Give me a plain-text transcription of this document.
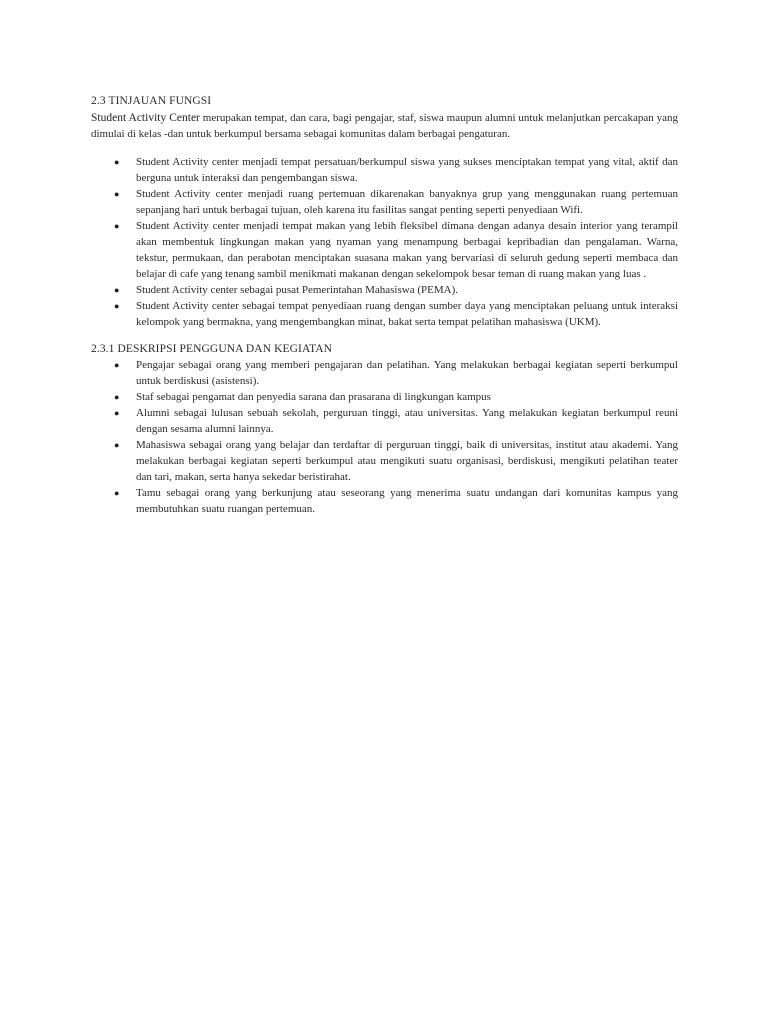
2.3 TINJAUAN FUNGSI

Student Activity Center merupakan tempat, dan cara, bagi pengajar, staf, siswa maupun alumni untuk melanjutkan percakapan yang dimulai di kelas -dan untuk berkumpul bersama sebagai komunitas dalam berbagai pengaturan.

● Student Activity center menjadi tempat persatuan/berkumpul siswa yang sukses menciptakan tempat yang vital, aktif dan berguna untuk interaksi dan pengembangan siswa.
● Student Activity center menjadi ruang pertemuan dikarenakan banyaknya grup yang menggunakan ruang pertemuan sepanjang hari untuk berbagai tujuan, oleh karena itu fasilitas sangat penting seperti penyediaan Wifi.
● Student Activity center menjadi tempat makan yang lebih fleksibel dimana dengan adanya desain interior yang terampil akan membentuk lingkungan makan yang nyaman yang menampung berbagai kepribadian dan pengalaman. Warna, tekstur, permukaan, dan perabotan menciptakan suasana makan yang bervariasi di seluruh gedung seperti membaca dan belajar di cafe yang tenang sambil menikmati makanan dengan sekelompok besar teman di ruang makan yang luas .
● Student Activity center sebagai pusat Pemerintahan Mahasiswa (PEMA).
● Student Activity center sebagai tempat penyediaan ruang dengan sumber daya yang menciptakan peluang untuk interaksi kelompok yang bermakna, yang mengembangkan minat, bakat serta tempat pelatihan mahasiswa (UKM).

2.3.1 DESKRIPSI PENGGUNA DAN KEGIATAN

● Pengajar sebagai orang yang memberi pengajaran dan pelatihan. Yang melakukan berbagai kegiatan seperti berkumpul untuk berdiskusi (asistensi).
● Staf sebagai pengamat dan penyedia sarana dan prasarana di lingkungan kampus
● Alumni sebagai lulusan sebuah sekolah, perguruan tinggi, atau universitas. Yang melakukan kegiatan berkumpul reuni dengan sesama alumni lainnya.
● Mahasiswa sebagai orang yang belajar dan terdaftar di perguruan tinggi, baik di universitas, institut atau akademi. Yang melakukan berbagai kegiatan seperti berkumpul atau mengikuti suatu organisasi, berdiskusi, mengikuti pelatihan teater dan tari, makan, serta hanya sekedar beristirahat.
● Tamu sebagai orang yang berkunjung atau seseorang yang menerima suatu undangan dari komunitas kampus yang membutuhkan suatu ruangan pertemuan.
